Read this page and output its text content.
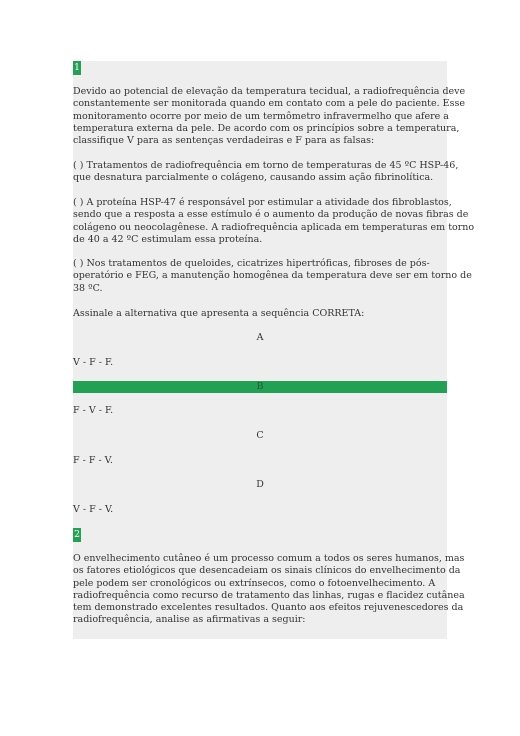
1

Devido ao potencial de elevação da temperatura tecidual, a radiofrequência deve
constantemente ser monitorada quando em contato com a pele do paciente. Esse
monitoramento ocorre por meio de um termômetro infravermelho que afere a
temperatura externa da pele. De acordo com os princípios sobre a temperatura,
classifique V para as sentenças verdadeiras e F para as falsas:

( ) Tratamentos de radiofrequência em torno de temperaturas de 45 ºC HSP-46,
que desnatura parcialmente o colágeno, causando assim ação fibrinolítica.

( ) A proteína HSP-47 é responsável por estimular a atividade dos fibroblastos,
sendo que a resposta a esse estímulo é o aumento da produção de novas fibras de
colágeno ou neocolagênese. A radiofrequência aplicada em temperaturas em torno
de 40 a 42 ºC estimulam essa proteína.

( ) Nos tratamentos de queloides, cicatrizes hipertróficas, fibroses de pós-
operatório e FEG, a manutenção homogênea da temperatura deve ser em torno de
38 ºC.

Assinale a alternativa que apresenta a sequência CORRETA:

A
V - F - F.
B
F - V - F.
C
F - F - V.
D
V - F - V.
2

O envelhecimento cutâneo é um processo comum a todos os seres humanos, mas
os fatores etiológicos que desencadeiam os sinais clínicos do envelhecimento da
pele podem ser cronológicos ou extrínsecos, como o fotoenvelhecimento. A
radiofrequência como recurso de tratamento das linhas, rugas e flacidez cutânea
tem demonstrado excelentes resultados. Quanto aos efeitos rejuvenescedores da
radiofrequência, analise as afirmativas a seguir:
